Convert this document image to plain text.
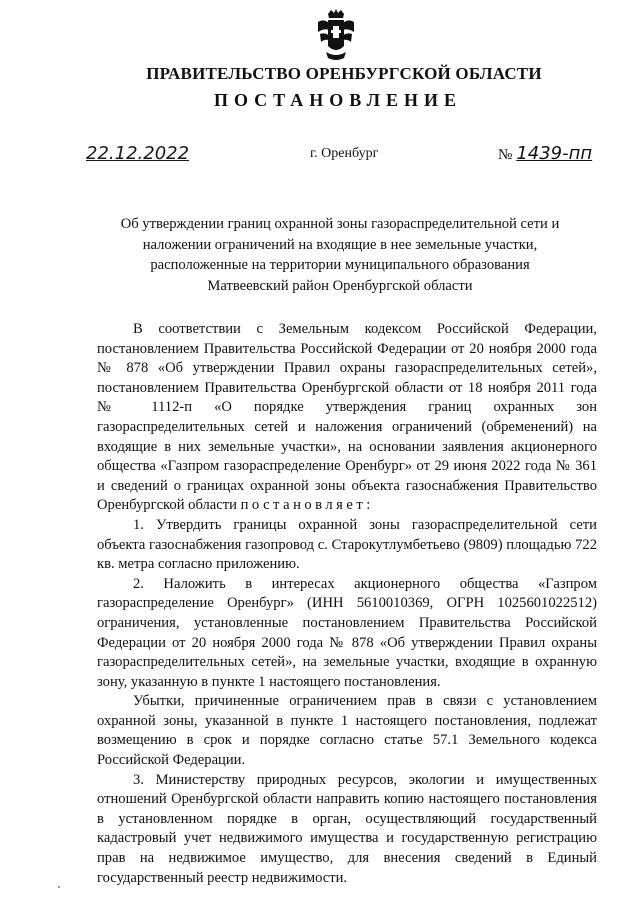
ПРАВИТЕЛЬСТВО ОРЕНБУРГСКОЙ ОБЛАСТИ
ПОСТАНОВЛЕНИЕ
22.12.2022	г. Оренбург	№ 1439-пп
Об утверждении границ охранной зоны газораспределительной сети и наложении ограничений на входящие в нее земельные участки, расположенные на территории муниципального образования Матвеевский район Оренбургской области

В соответствии с Земельным кодексом Российской Федерации, постановлением Правительства Российской Федерации от 20 ноября 2000 года № 878 «Об утверждении Правил охраны газораспределительных сетей», постановлением Правительства Оренбургской области от 18 ноября 2011 года № 1112-п «О порядке утверждения границ охранных зон газораспределительных сетей и наложения ограничений (обременений) на входящие в них земельные участки», на основании заявления акционерного общества «Газпром газораспределение Оренбург» от 29 июня 2022 года № 361 и сведений о границах охранной зоны объекта газоснабжения Правительство Оренбургской области постановляет:

1. Утвердить границы охранной зоны газораспределительной сети объекта газоснабжения газопровод с. Старокутлумбетьево (9809) площадью 722 кв. метра согласно приложению.

2. Наложить в интересах акционерного общества «Газпром газораспределение Оренбург» (ИНН 5610010369, ОГРН 1025601022512) ограничения, установленные постановлением Правительства Российской Федерации от 20 ноября 2000 года № 878 «Об утверждении Правил охраны газораспределительных сетей», на земельные участки, входящие в охранную зону, указанную в пункте 1 настоящего постановления.

Убытки, причиненные ограничением прав в связи с установлением охранной зоны, указанной в пункте 1 настоящего постановления, подлежат возмещению в срок и порядке согласно статье 57.1 Земельного кодекса Российской Федерации.

3. Министерству природных ресурсов, экологии и имущественных отношений Оренбургской области направить копию настоящего постановления в установленном порядке в орган, осуществляющий государственный кадастровый учет недвижимого имущества и государственную регистрацию прав на недвижимое имущество, для внесения сведений в Единый государственный реестр недвижимости.
